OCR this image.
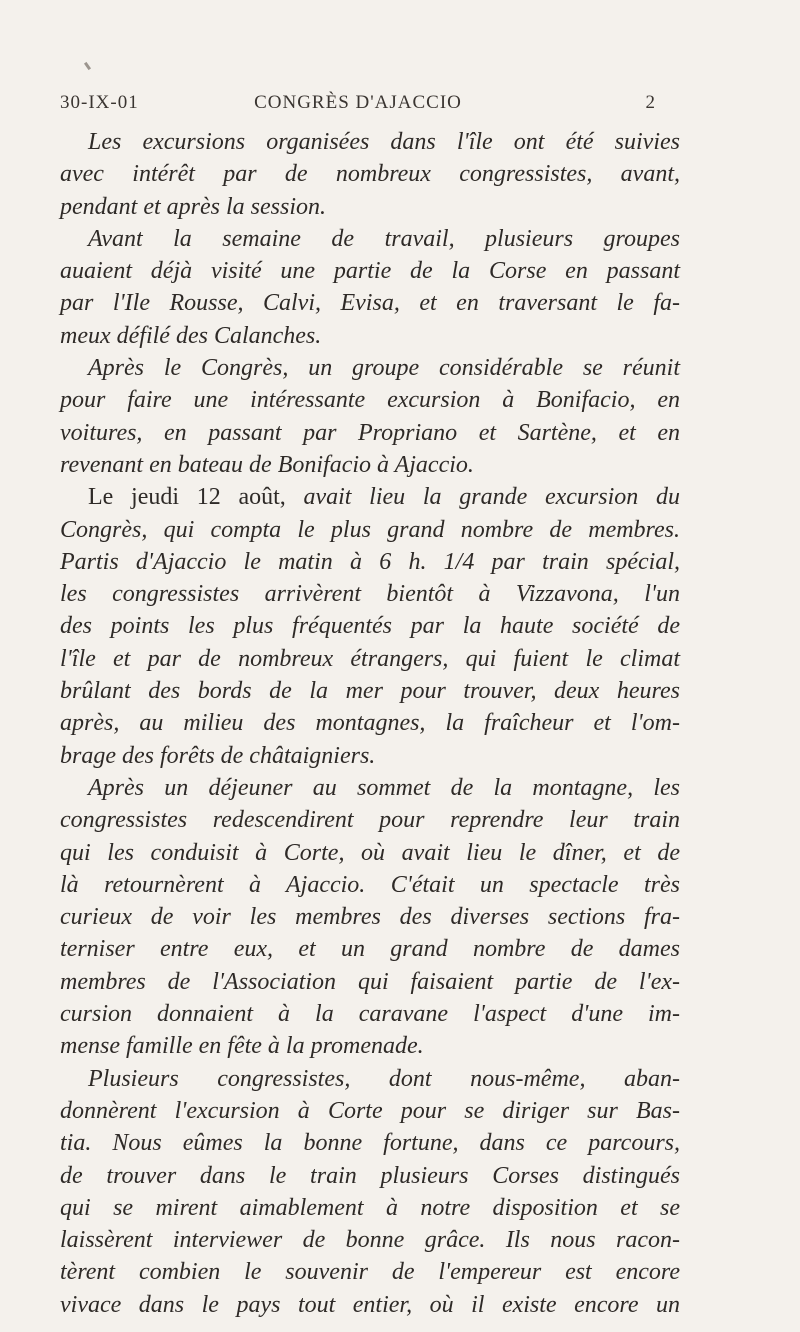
30-IX-01	CONGRÈS D'AJACCIO	2
Les excursions organisées dans l'île ont été suivies
avec intérêt par de nombreux congressistes, avant,
pendant et après la session.
Avant la semaine de travail, plusieurs groupes
auaient déjà visité une partie de la Corse en passant
par l'Ile Rousse, Calvi, Evisa, et en traversant le fa-
meux défilé des Calanches.
Après le Congrès, un groupe considérable se réunit
pour faire une intéressante excursion à Bonifacio, en
voitures, en passant par Propriano et Sartène, et en
revenant en bateau de Bonifacio à Ajaccio.
Le jeudi 12 août, avait lieu la grande excursion du
Congrès, qui compta le plus grand nombre de membres.
Partis d'Ajaccio le matin à 6 h. 1/4 par train spécial,
les congressistes arrivèrent bientôt à Vizzavona, l'un
des points les plus fréquentés par la haute société de
l'île et par de nombreux étrangers, qui fuient le climat
brûlant des bords de la mer pour trouver, deux heures
après, au milieu des montagnes, la fraîcheur et l'om-
brage des forêts de châtaigniers.
Après un déjeuner au sommet de la montagne, les
congressistes redescendirent pour reprendre leur train
qui les conduisit à Corte, où avait lieu le dîner, et de
là retournèrent à Ajaccio. C'était un spectacle très
curieux de voir les membres des diverses sections fra-
terniser entre eux, et un grand nombre de dames
membres de l'Association qui faisaient partie de l'ex-
cursion donnaient à la caravane l'aspect d'une im-
mense famille en fête à la promenade.
Plusieurs congressistes, dont nous-même, aban-
donnèrent l'excursion à Corte pour se diriger sur Bas-
tia. Nous eûmes la bonne fortune, dans ce parcours,
de trouver dans le train plusieurs Corses distingués
qui se mirent aimablement à notre disposition et se
laissèrent interviewer de bonne grâce. Ils nous racon-
tèrent combien le souvenir de l'empereur est encore
vivace dans le pays tout entier, où il existe encore un
